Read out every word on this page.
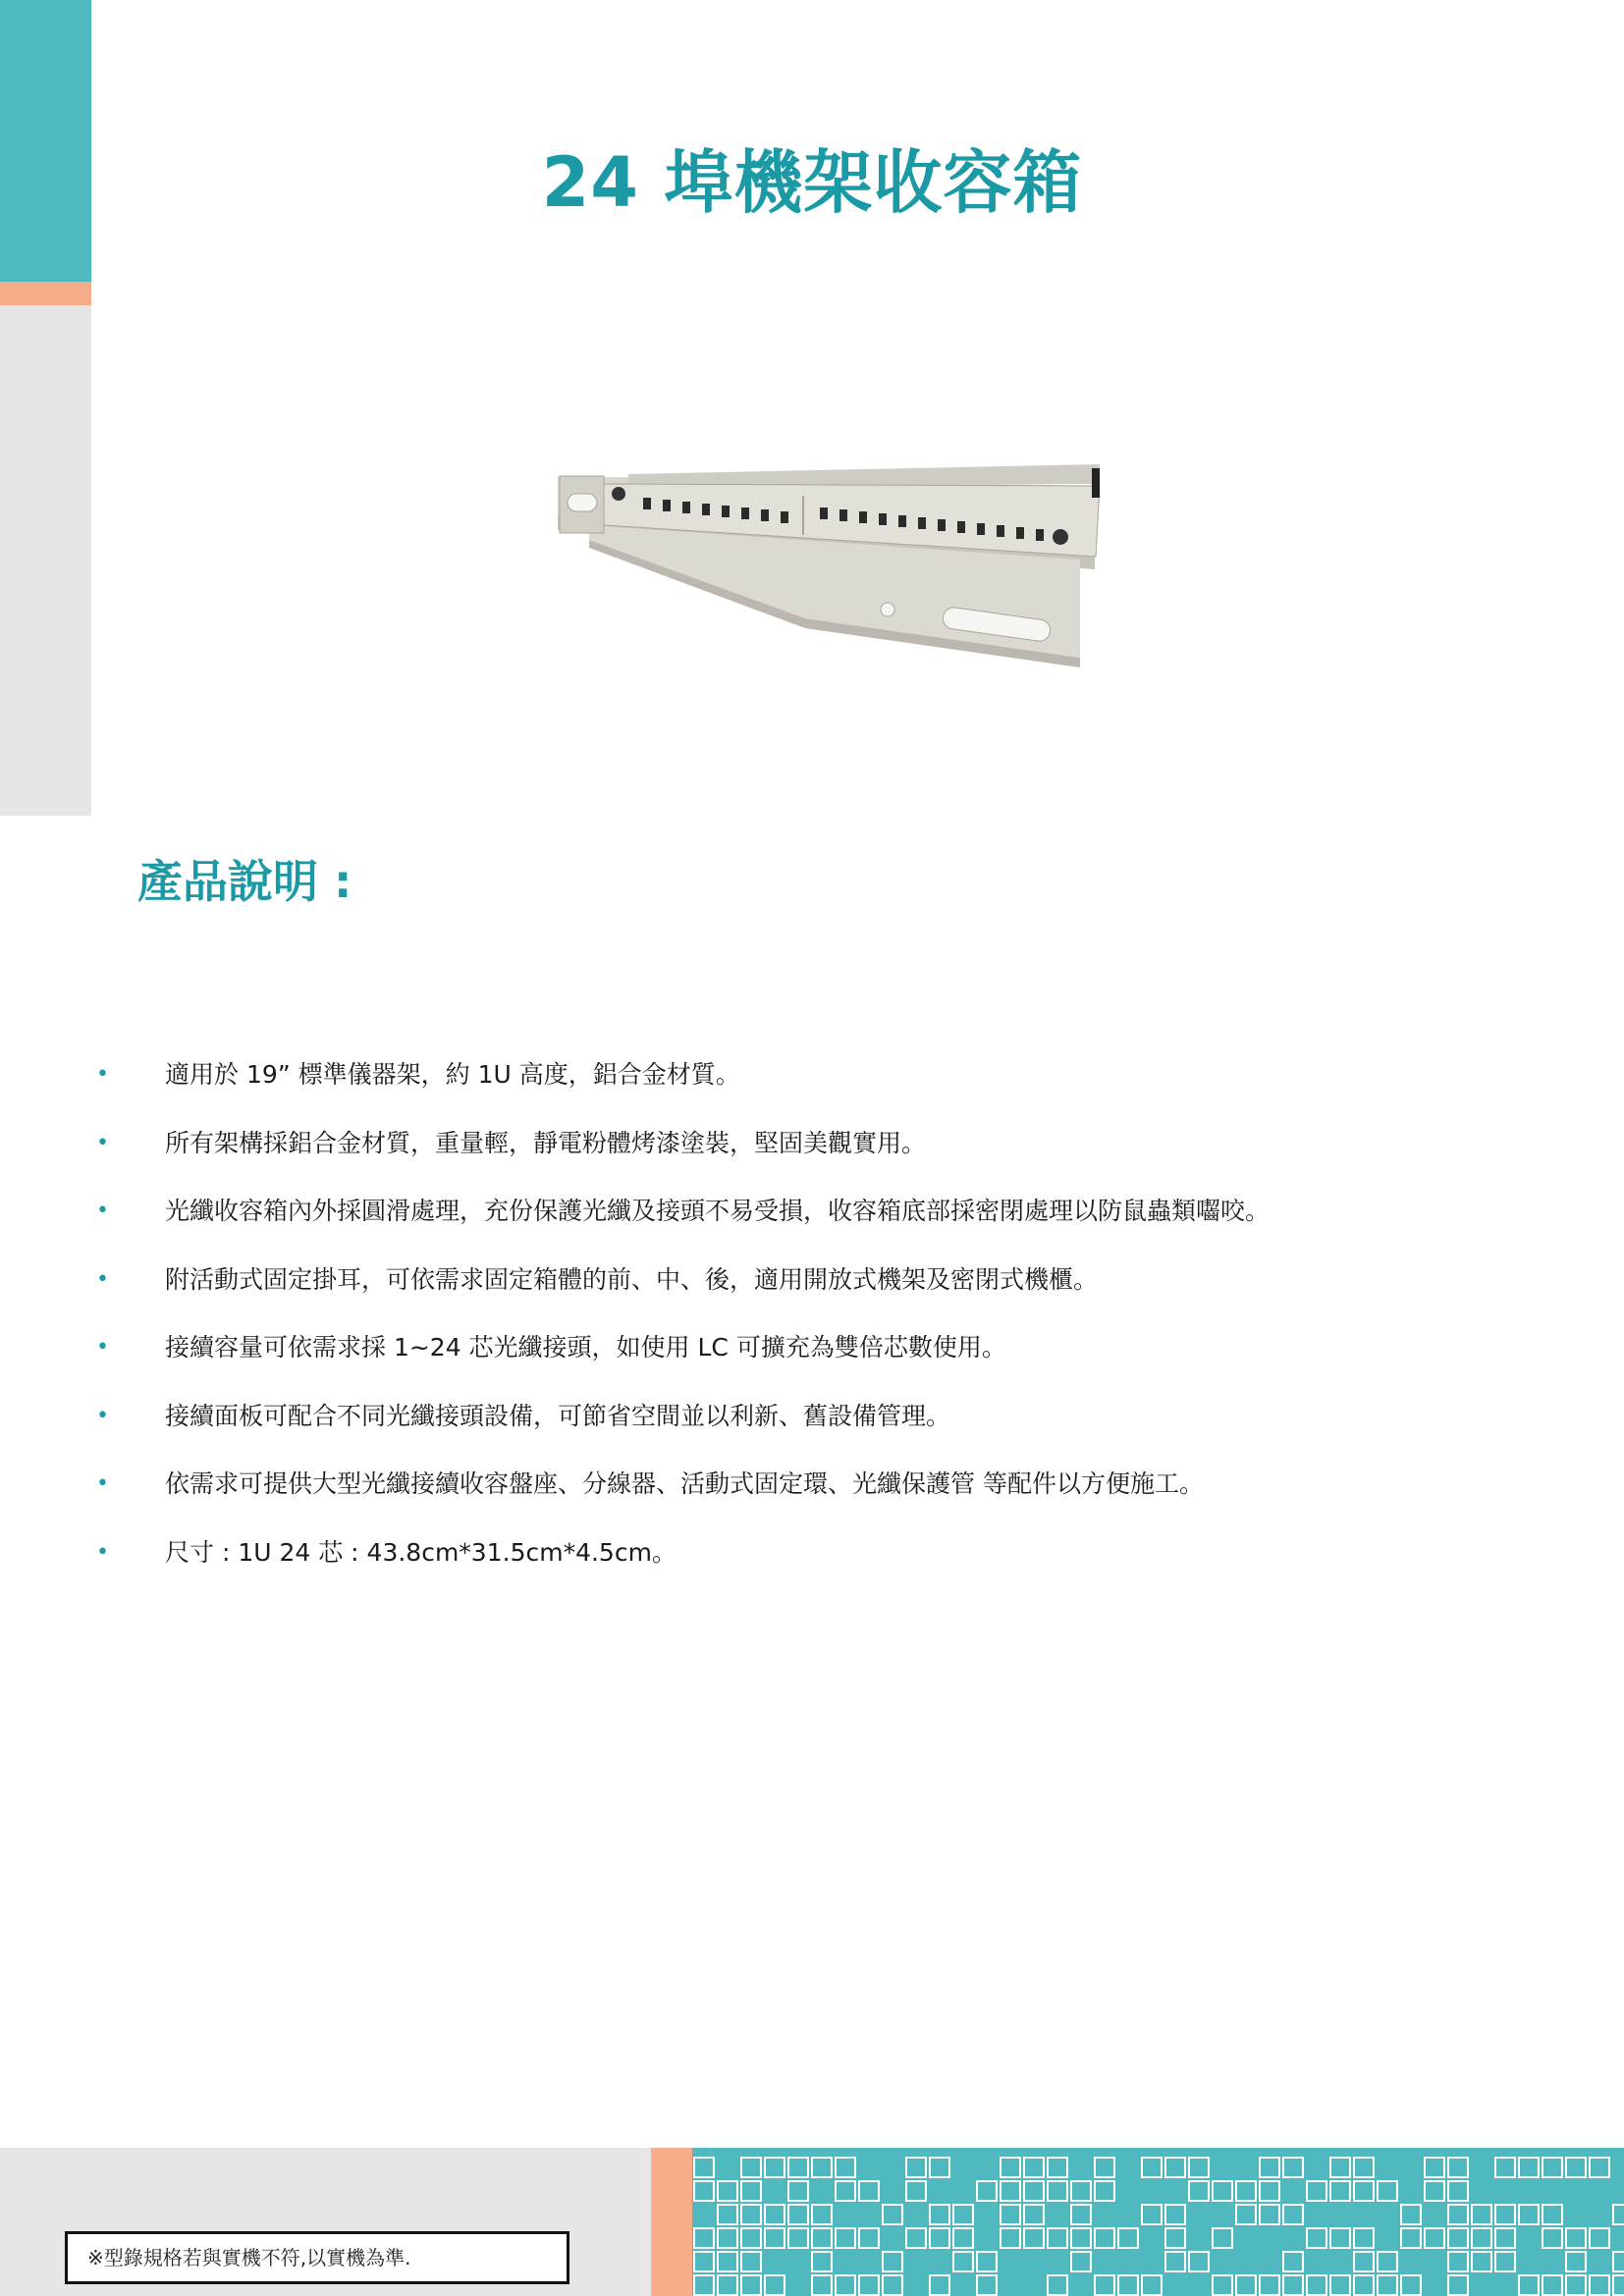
24 埠機架收容箱
產品說明 :
• 適用於 19” 標準儀器架，約 1U 高度，鋁合金材質。
• 所有架構採鋁合金材質，重量輕，靜電粉體烤漆塗裝，堅固美觀實用。
• 光纖收容箱內外採圓滑處理，充份保護光纖及接頭不易受損，收容箱底部採密閉處理以防鼠蟲類囓咬。
• 附活動式固定掛耳，可依需求固定箱體的前、中、後，適用開放式機架及密閉式機櫃。
• 接續容量可依需求採 1~24 芯光纖接頭，如使用 LC 可擴充為雙倍芯數使用。
• 接續面板可配合不同光纖接頭設備，可節省空間並以利新、舊設備管理。
• 依需求可提供大型光纖接續收容盤座、分線器、活動式固定環、光纖保護管 等配件以方便施工。
• 尺寸 : 1U 24 芯 : 43.8cm*31.5cm*4.5cm。
※型錄規格若與實機不符,以實機為準.
